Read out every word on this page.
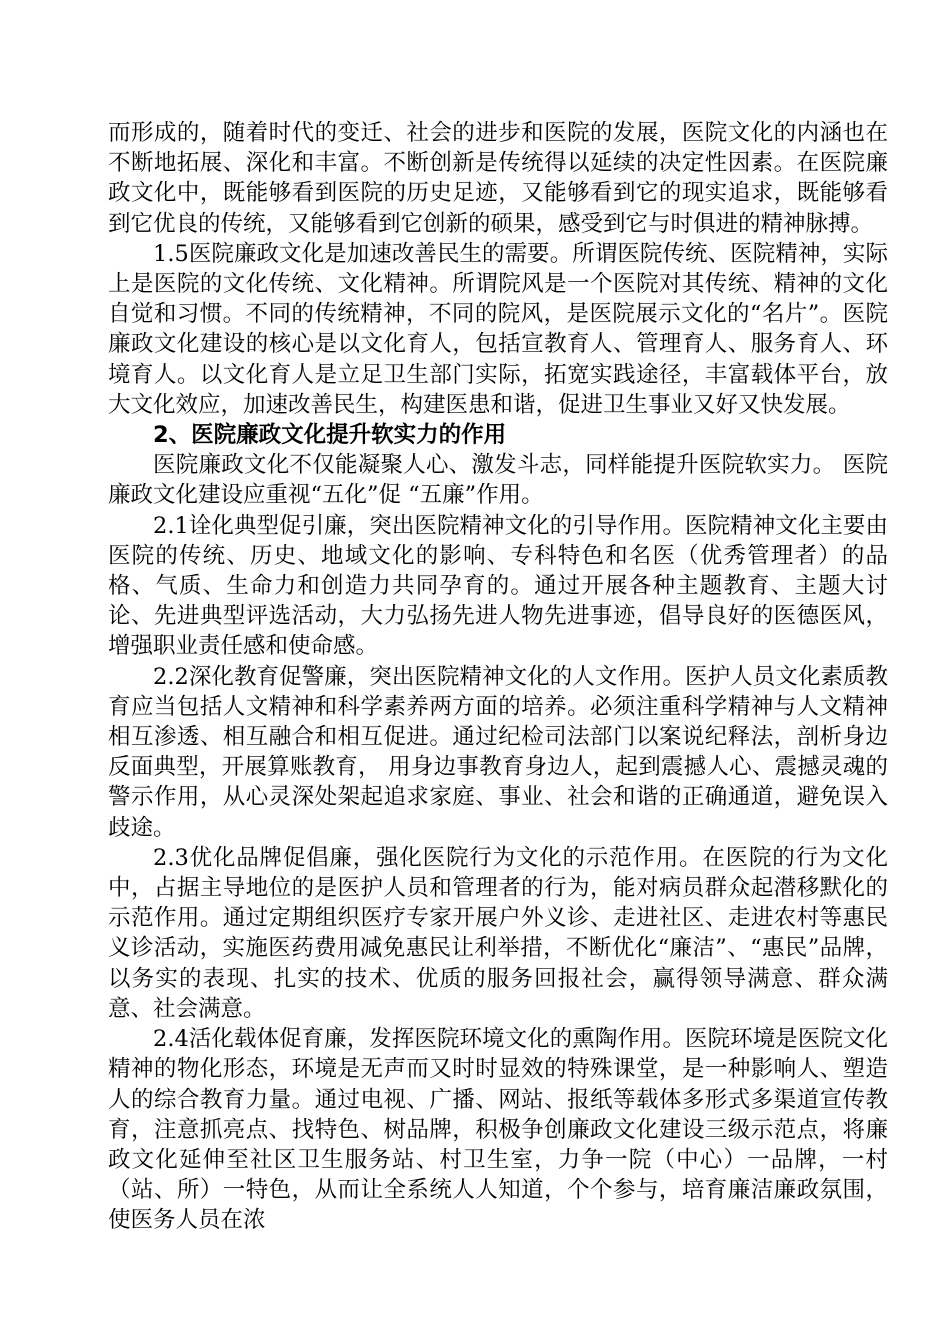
而形成的，随着时代的变迁、社会的进步和医院的发展，医院文化的内涵也在不断地拓展、深化和丰富。不断创新是传统得以延续的决定性因素。在医院廉政文化中，既能够看到医院的历史足迹，又能够看到它的现实追求，既能够看到它优良的传统，又能够看到它创新的硕果，感受到它与时俱进的精神脉搏。

1.5医院廉政文化是加速改善民生的需要。所谓医院传统、医院精神，实际上是医院的文化传统、文化精神。所谓院风是一个医院对其传统、精神的文化自觉和习惯。不同的传统精神，不同的院风，是医院展示文化的“名片”。医院廉政文化建设的核心是以文化育人，包括宣教育人、管理育人、服务育人、环境育人。以文化育人是立足卫生部门实际，拓宽实践途径，丰富载体平台，放大文化效应，加速改善民生，构建医患和谐，促进卫生事业又好又快发展。

2、医院廉政文化提升软实力的作用

医院廉政文化不仅能凝聚人心、激发斗志，同样能提升医院软实力。 医院廉政文化建设应重视“五化”促 “五廉”作用。

2.1诠化典型促引廉，突出医院精神文化的引导作用。医院精神文化主要由医院的传统、历史、地域文化的影响、专科特色和名医（优秀管理者）的品格、气质、生命力和创造力共同孕育的。通过开展各种主题教育、主题大讨论、先进典型评选活动，大力弘扬先进人物先进事迹，倡导良好的医德医风，增强职业责任感和使命感。

2.2深化教育促警廉，突出医院精神文化的人文作用。医护人员文化素质教育应当包括人文精神和科学素养两方面的培养。必须注重科学精神与人文精神相互渗透、相互融合和相互促进。通过纪检司法部门以案说纪释法，剖析身边反面典型，开展算账教育， 用身边事教育身边人，起到震撼人心、震撼灵魂的警示作用，从心灵深处架起追求家庭、事业、社会和谐的正确通道，避免误入歧途。

2.3优化品牌促倡廉，强化医院行为文化的示范作用。在医院的行为文化中，占据主导地位的是医护人员和管理者的行为，能对病员群众起潜移默化的示范作用。通过定期组织医疗专家开展户外义诊、走进社区、走进农村等惠民义诊活动，实施医药费用减免惠民让利举措，不断优化“廉洁”、“惠民”品牌，以务实的表现、扎实的技术、优质的服务回报社会，赢得领导满意、群众满意、社会满意。

2.4活化载体促育廉，发挥医院环境文化的熏陶作用。医院环境是医院文化精神的物化形态，环境是无声而又时时显效的特殊课堂，是一种影响人、塑造人的综合教育力量。通过电视、广播、网站、报纸等载体多形式多渠道宣传教育，注意抓亮点、找特色、树品牌，积极争创廉政文化建设三级示范点，将廉政文化延伸至社区卫生服务站、村卫生室，力争一院（中心）一品牌，一村（站、所）一特色，从而让全系统人人知道，个个参与，培育廉洁廉政氛围，使医务人员在浓
